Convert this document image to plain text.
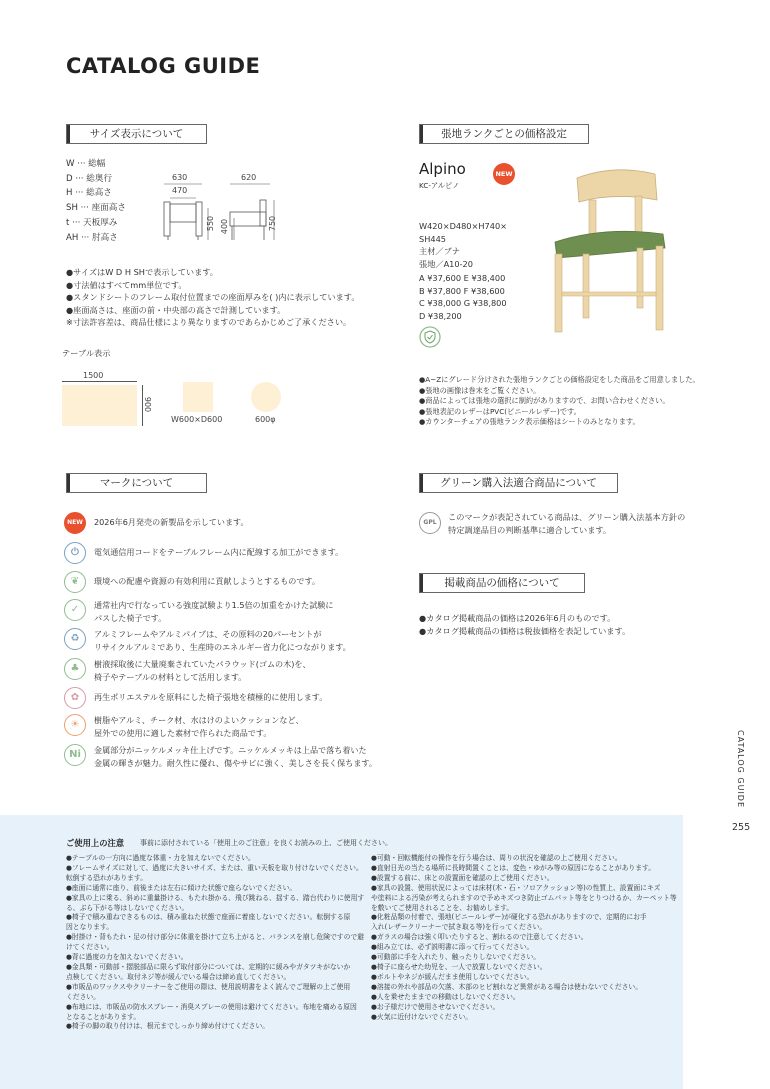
CATALOG GUIDE
サイズ表示について
W ··· 総幅
D ··· 総奥行
H ··· 総高さ
SH ··· 座面高さ
t ··· 天板厚み
AH ··· 肘高さ
630
470
550
620
400	750
●サイズはW D H SHで表示しています。
●寸法値はすべてmm単位です。
●スタンドシートのフレーム取付位置までの座面厚みを( )内に表示しています。
●座面高さは、座面の前・中央部の高さで計測しています。
※寸法許容差は、商品仕様により異なりますのであらかじめご了承ください。
テーブル表示
1500
900
W600×D600	600φ
張地ランクごとの価格設定
Alpino
KC-アルピノ
NEW
W420×D480×H740×
SH445
主材／ブナ
張地／A10-20
A ¥37,600 E ¥38,400
B ¥37,800 F ¥38,600
C ¥38,000 G ¥38,800
D ¥38,200
●A~Zにグレード分けされた張地ランクごとの価格設定をした商品をご用意しました。
●張地の画像は巻末をご覧ください。
●商品によっては張地の選択に制約がありますので、お問い合わせください。
●張地表記のレザーはPVC(ビニールレザー)です。
●カウンターチェアの張地ランク表示価格はシートのみとなります。
マークについて
NEW	2026年6月発売の新製品を示しています。
⏻	電気通信用コードをテーブルフレーム内に配線する加工ができます。
❦	環境への配慮や資源の有効利用に貢献しようとするものです。
✓	通常社内で行なっている強度試験より1.5倍の加重をかけた試験に
パスした椅子です。
♻	アルミフレームやアルミパイプは、その原料の20パーセントが
リサイクルアルミであり、生産時のエネルギー省力化につながります。
♣	樹液採取後に大量廃棄されていたパラウッド(ゴムの木)を、
椅子やテーブルの材料として活用します。
✿	再生ポリエステルを原料にした椅子張地を積極的に使用します。
☀	樹脂やアルミ、チーク材、水はけのよいクッションなど、
屋外での使用に適した素材で作られた商品です。
Ni	金属部分がニッケルメッキ仕上げです。ニッケルメッキは上品で落ち着いた
金属の輝きが魅力。耐久性に優れ、傷やサビに強く、美しさを長く保ちます。
グリーン購入法適合商品について
GPL
このマークが表記されている商品は、グリーン購入法基本方針の
特定調達品目の判断基準に適合しています。
掲載商品の価格について
●カタログ掲載商品の価格は2026年6月のものです。
●カタログ掲載商品の価格は税抜価格を表記しています。
CATALOG GUIDE
255
ご使用上の注意 事前に添付されている「使用上のご注意」を良くお読みの上、ご使用ください。
●テーブルの一方向に過度な体重・力を加えないでください。
●フレームサイズに対して、過度に大きいサイズ、または、重い天板を取り付けないでください。
転倒する恐れがあります。
●座面に通常に座り、前後または左右に傾けた状態で座らないでください。
●家具の上に乗る、斜めに重量掛ける、もたれ掛かる、飛び跳ねる、揺する、踏台代わりに使用す
る、ぶら下がる等はしないでください。
●椅子で積み重ねできるものは、積み重ねた状態で座面に着座しないでください。転倒する原
因となります。
●肘掛け・背もたれ・足の付け部分に体重を掛けて立ち上がると、バランスを崩し危険ですので避
けてください。
●背に過度の力を加えないでください。
●金具類・可動部・摺脱部品に限らず取付部分については、定期的に緩みやガタツキがないか
点検してください。取付ネジ等が緩んでいる場合は締め直してください。
●市販品のワックスやクリーナーをご使用の際は、使用説明書をよく読んでご理解の上ご使用
ください。
●布地には、市販品の防水スプレー・消臭スプレーの使用は避けてください。布地を痛める原因
となることがあります。
●椅子の脚の取り付けは、根元までしっかり締め付けてください。
●可動・回転機能付の操作を行う場合は、周りの状況を確認の上ご使用ください。
●直射日光の当たる場所に長時間置くことは、変色・ゆがみ等の原因になることがあります。
●設置する前に、床との設置面を確認の上ご使用ください。
●家具の設置、使用状況によっては床材(木・石・フロアクッション等)の性質上、設置面にキズ
や塗料による汚染が考えられますので予めキズつき防止ゴムパット等をとりつけるか、カーペット等
を敷いてご使用されることを、お勧めします。
●化粧品類の付着で、張地(ビニールレザー)が硬化する恐れがありますので、定期的にお手
入れ(レザークリーナーで拭き取る等)を行ってください。
●ガラスの場合は強く叩いたりすると、割れるので注意してください。
●組み立ては、必ず説明書に添って行ってください。
●可動部に手を入れたり、触ったりしないでください。
●椅子に座らせた幼児を、一人で放置しないでください。
●ボルトやネジが緩んだまま使用しないでください。
●溶接の外れや部品の欠落、木部のヒビ割れなど異常がある場合は使わないでください。
●人を乗せたままでの移動はしないでください。
●お子様だけで使用させないでください。
●火気に近付けないでください。
